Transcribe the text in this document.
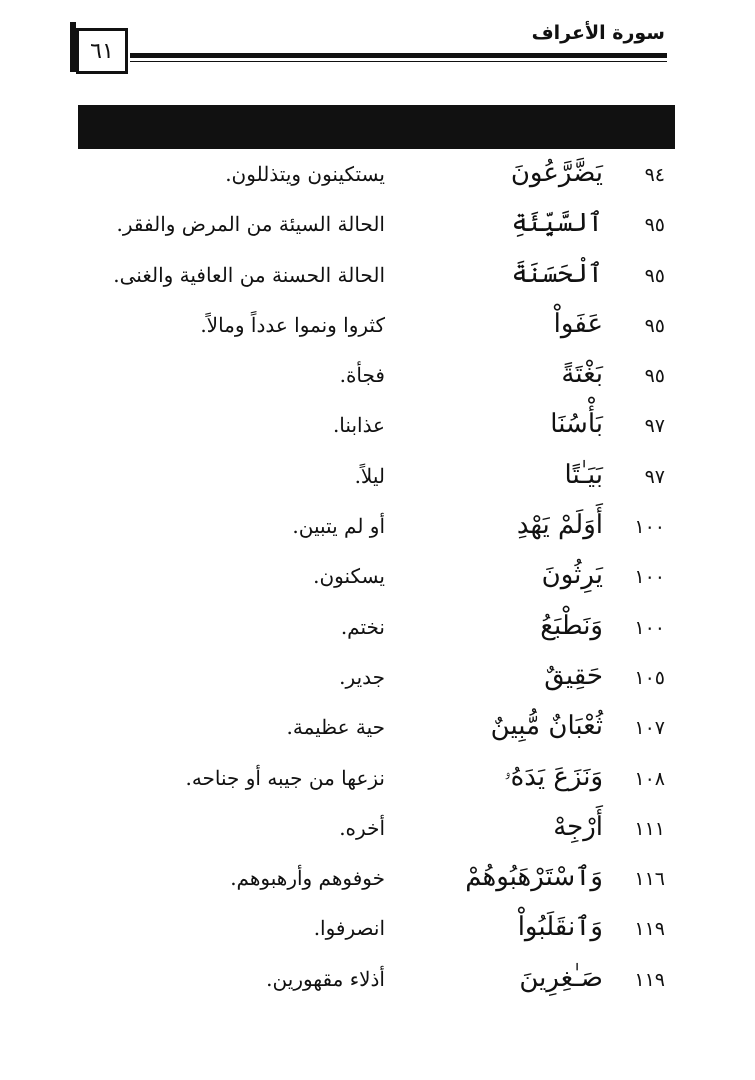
٦١
سورة الأعراف
٩٤
يَضَّرَّعُونَ
يستكينون ويتذللون.
٩٥
ٱلسَّيِّئَةِ
الحالة السيئة من المرض والفقر.
٩٥
ٱلْحَسَنَةَ
الحالة الحسنة من العافية والغنى.
٩٥
عَفَواْ
كثروا ونموا عدداً ومالاً.
٩٥
بَغْتَةً
فجأة.
٩٧
بَأْسُنَا
عذابنا.
٩٧
بَيَـٰتًا
ليلاً.
١٠٠
أَوَلَمْ يَهْدِ
أو لم يتبين.
١٠٠
يَرِثُونَ
يسكنون.
١٠٠
وَنَطْبَعُ
نختم.
١٠٥
حَقِيقٌ
جدير.
١٠٧
ثُعْبَانٌ مُّبِينٌ
حية عظيمة.
١٠٨
وَنَزَعَ يَدَهُۥ
نزعها من جيبه أو جناحه.
١١١
أَرْجِهْ
أخره.
١١٦
وَٱسْتَرْهَبُوهُمْ
خوفوهم وأرهبوهم.
١١٩
وَٱنقَلَبُواْ
انصرفوا.
١١٩
صَـٰغِرِينَ
أذلاء مقهورين.
